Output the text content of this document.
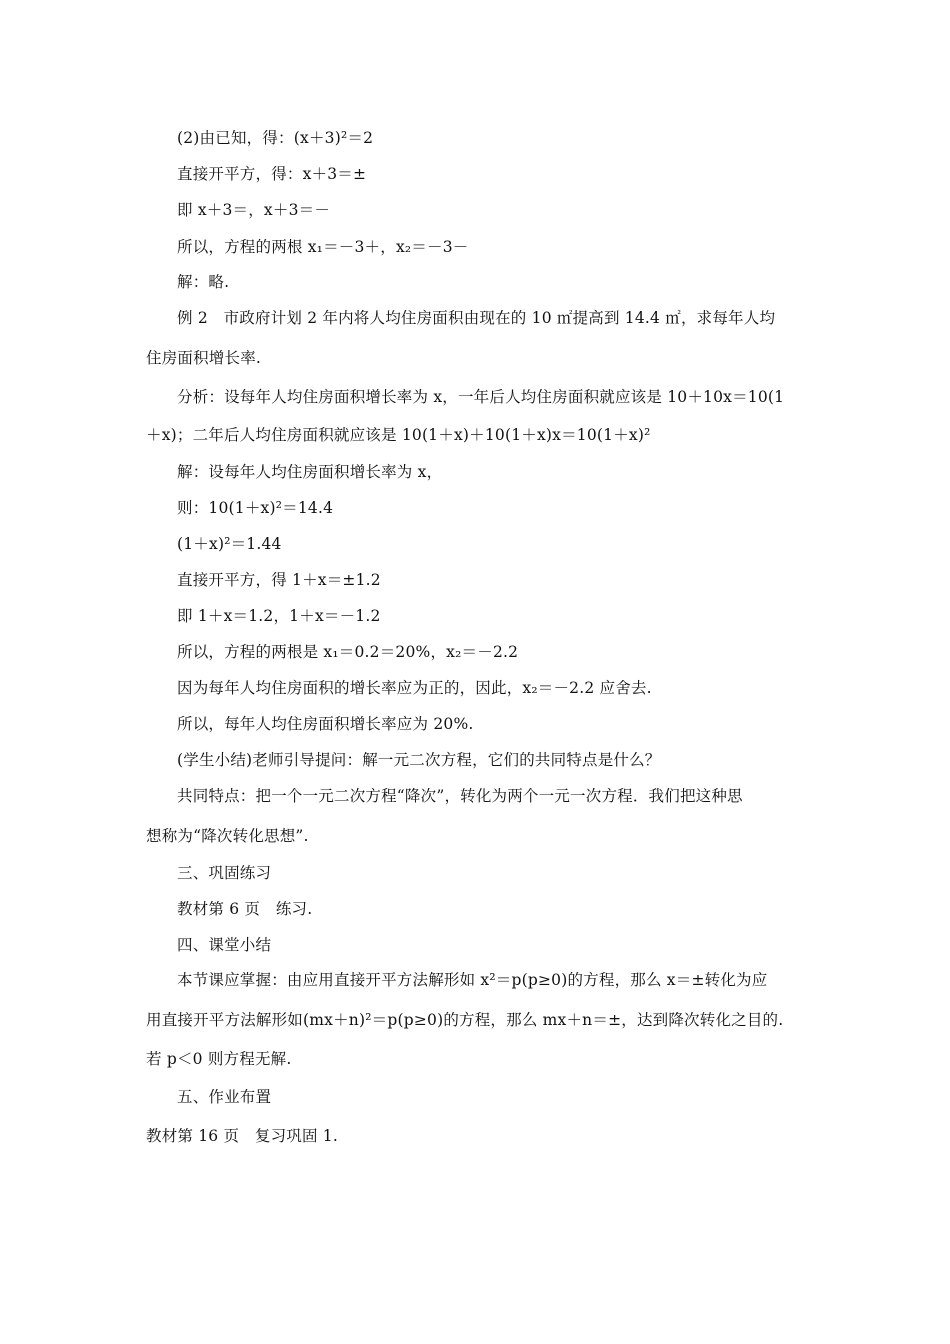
(2)由已知，得：(x＋3)²＝2
直接开平方，得：x＋3＝±
即 x＋3＝，x＋3＝－
所以，方程的两根 x₁＝－3＋，x₂＝－3－
解：略.
例 2　市政府计划 2 年内将人均住房面积由现在的 10 ㎡提高到 14.4 ㎡，求每年人均
住房面积增长率.
分析：设每年人均住房面积增长率为 x，一年后人均住房面积就应该是 10＋10x＝10(1
＋x)；二年后人均住房面积就应该是 10(1＋x)＋10(1＋x)x＝10(1＋x)²
解：设每年人均住房面积增长率为 x，
则：10(1＋x)²＝14.4
(1＋x)²＝1.44
直接开平方，得 1＋x＝±1.2
即 1＋x＝1.2，1＋x＝－1.2
所以，方程的两根是 x₁＝0.2＝20%，x₂＝－2.2
因为每年人均住房面积的增长率应为正的，因此，x₂＝－2.2 应舍去.
所以，每年人均住房面积增长率应为 20%.
(学生小结)老师引导提问：解一元二次方程，它们的共同特点是什么？
共同特点：把一个一元二次方程“降次”，转化为两个一元一次方程．我们把这种思
想称为“降次转化思想”.
三、巩固练习
教材第 6 页　练习.
四、课堂小结
本节课应掌握：由应用直接开平方法解形如 x²＝p(p≥0)的方程，那么 x＝±转化为应
用直接开平方法解形如(mx＋n)²＝p(p≥0)的方程，那么 mx＋n＝±，达到降次转化之目的.
若 p＜0 则方程无解.
五、作业布置
教材第 16 页　复习巩固 1.
